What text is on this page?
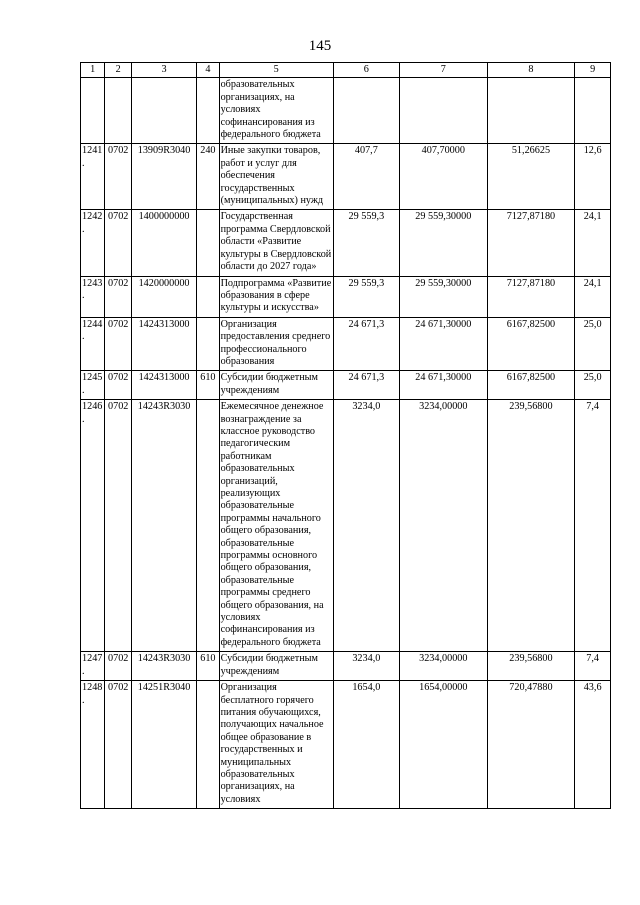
145
1	2	3	4	5	6	7	8	9
				образовательных организациях, на условиях софинансирования из федерального бюджета				
1241.	0702	13909R3040	240	Иные закупки товаров, работ и услуг для обеспечения государственных (муниципальных) нужд	407,7	407,70000	51,26625	12,6
1242.	0702	1400000000		Государственная программа Свердловской области «Развитие культуры в Свердловской области до 2027 года»	29 559,3	29 559,30000	7127,87180	24,1
1243.	0702	1420000000		Подпрограмма «Развитие образования в сфере культуры и искусства»	29 559,3	29 559,30000	7127,87180	24,1
1244.	0702	1424313000		Организация предоставления среднего профессионального образования	24 671,3	24 671,30000	6167,82500	25,0
1245.	0702	1424313000	610	Субсидии бюджетным учреждениям	24 671,3	24 671,30000	6167,82500	25,0
1246.	0702	14243R3030		Ежемесячное денежное вознаграждение за классное руководство педагогическим работникам образовательных организаций, реализующих образовательные программы начального общего образования, образовательные программы основного общего образования, образовательные программы среднего общего образования, на условиях софинансирования из федерального бюджета	3234,0	3234,00000	239,56800	7,4
1247.	0702	14243R3030	610	Субсидии бюджетным учреждениям	3234,0	3234,00000	239,56800	7,4
1248.	0702	14251R3040		Организация бесплатного горячего питания обучающихся, получающих начальное общее образование в государственных и муниципальных образовательных организациях, на условиях	1654,0	1654,00000	720,47880	43,6
